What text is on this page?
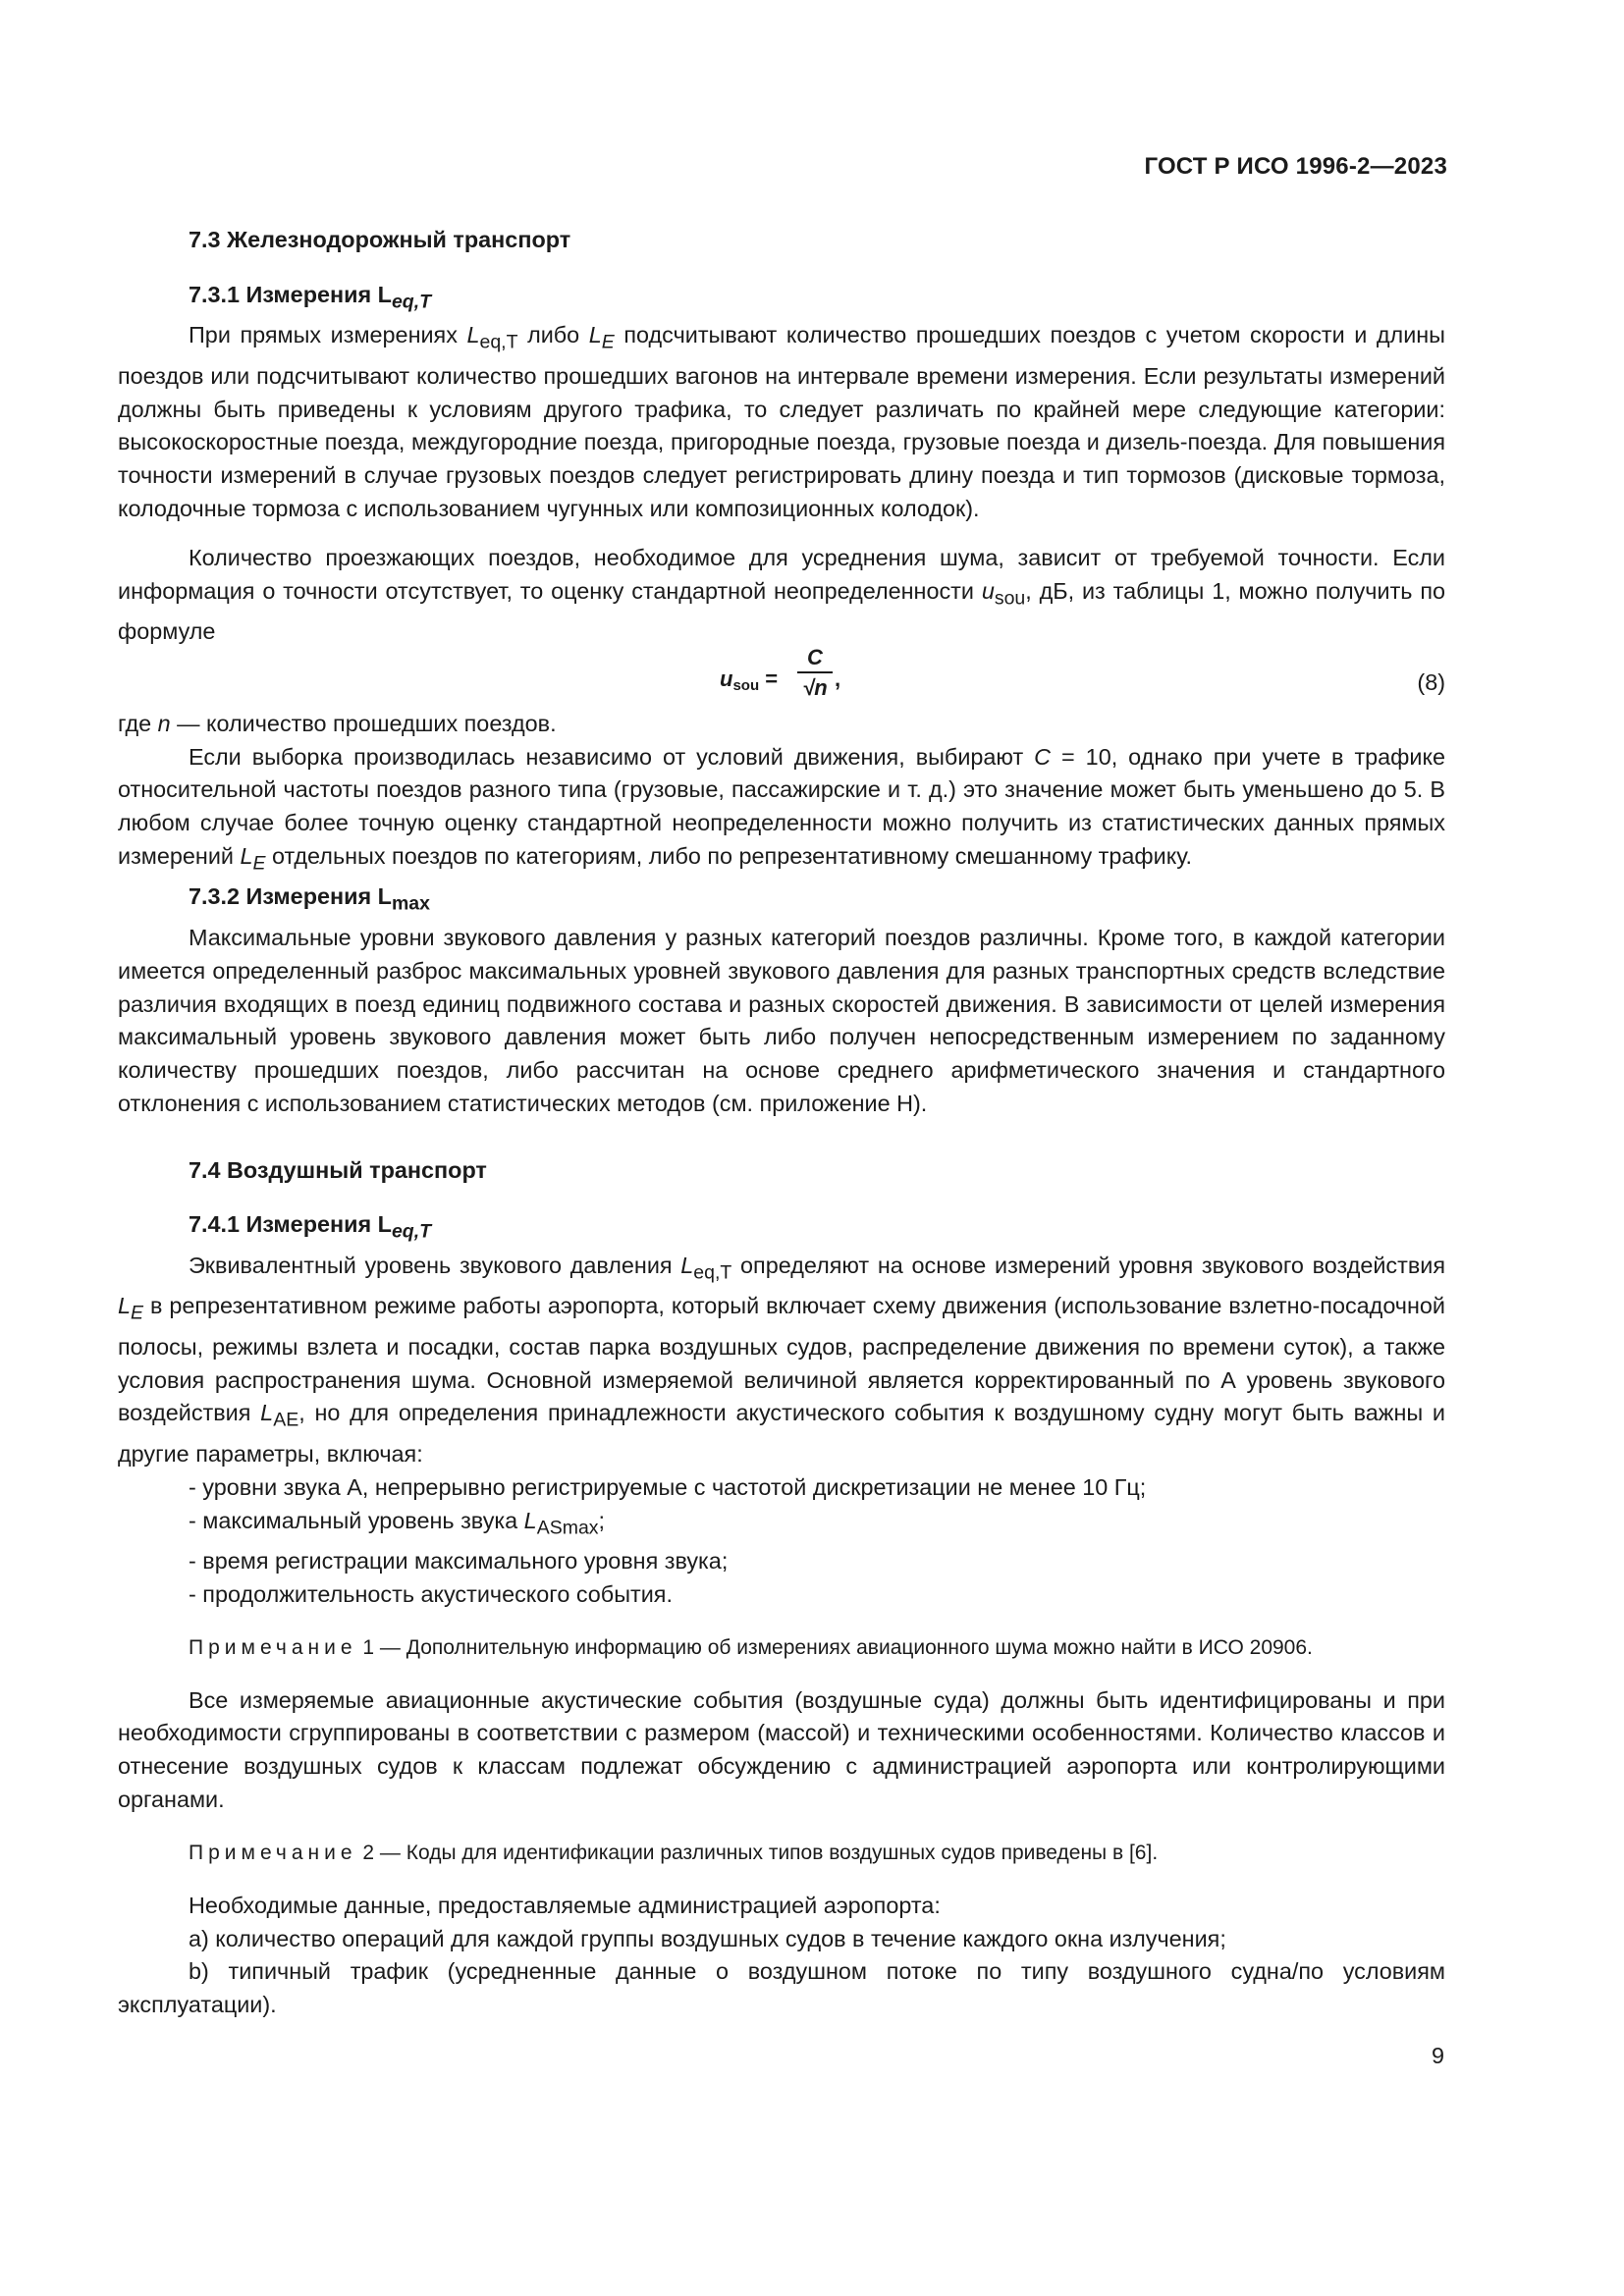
ГОСТ Р ИСО 1996-2—2023

7.3 Железнодорожный транспорт

7.3.1 Измерения $L_{eq,T}$

При прямых измерениях $L_{eq,T}$ либо $L_E$ подсчитывают количество прошедших поездов с учетом скорости и длины поездов или подсчитывают количество прошедших вагонов на интервале времени измерения. Если результаты измерений должны быть приведены к условиям другого трафика, то следует различать по крайней мере следующие категории: высокоскоростные поезда, междугородние поезда, пригородные поезда, грузовые поезда и дизель-поезда. Для повышения точности измерений в случае грузовых поездов следует регистрировать длину поезда и тип тормозов (дисковые тормоза, колодочные тормоза с использованием чугунных или композиционных колодок).

Количество проезжающих поездов, необходимое для усреднения шума, зависит от требуемой точности. Если информация о точности отсутствует, то оценку стандартной неопределенности $u_{sou}$, дБ, из таблицы 1, можно получить по формуле

$u_{sou}$ =
C
√n ,	(8)

где n — количество прошедших поездов.

Если выборка производилась независимо от условий движения, выбирают C = 10, однако при учете в трафике относительной частоты поездов разного типа (грузовые, пассажирские и т. д.) это значение может быть уменьшено до 5. В любом случае более точную оценку стандартной неопределенности можно получить из статистических данных прямых измерений $L_E$ отдельных поездов по категориям, либо по репрезентативному смешанному трафику.

7.3.2 Измерения $L_{max}$

Максимальные уровни звукового давления у разных категорий поездов различны. Кроме того, в каждой категории имеется определенный разброс максимальных уровней звукового давления для разных транспортных средств вследствие различия входящих в поезд единиц подвижного состава и разных скоростей движения. В зависимости от целей измерения максимальный уровень звукового давления может быть либо получен непосредственным измерением по заданному количеству прошедших поездов, либо рассчитан на основе среднего арифметического значения и стандартного отклонения с использованием статистических методов (см. приложение Н).

7.4 Воздушный транспорт

7.4.1 Измерения $L_{eq,T}$

Эквивалентный уровень звукового давления $L_{eq,T}$ определяют на основе измерений уровня звукового воздействия $L_E$ в репрезентативном режиме работы аэропорта, который включает схему движения (использование взлетно-посадочной полосы, режимы взлета и посадки, состав парка воздушных судов, распределение движения по времени суток), а также условия распространения шума. Основной измеряемой величиной является корректированный по А уровень звукового воздействия $L_{AE}$, но для определения принадлежности акустического события к воздушному судну могут быть важны и другие параметры, включая:

- уровни звука А, непрерывно регистрируемые с частотой дискретизации не менее 10 Гц;

- максимальный уровень звука $L_{ASmax}$;

- время регистрации максимального уровня звука;

- продолжительность акустического события.

Примечание 1 — Дополнительную информацию об измерениях авиационного шума можно найти в ИСО 20906.

Все измеряемые авиационные акустические события (воздушные суда) должны быть идентифицированы и при необходимости сгруппированы в соответствии с размером (массой) и техническими особенностями. Количество классов и отнесение воздушных судов к классам подлежат обсуждению с администрацией аэропорта или контролирующими органами.

Примечание 2 — Коды для идентификации различных типов воздушных судов приведены в [6].

Необходимые данные, предоставляемые администрацией аэропорта:

a) количество операций для каждой группы воздушных судов в течение каждого окна излучения;

b) типичный трафик (усредненные данные о воздушном потоке по типу воздушного судна/по условиям эксплуатации).

9
